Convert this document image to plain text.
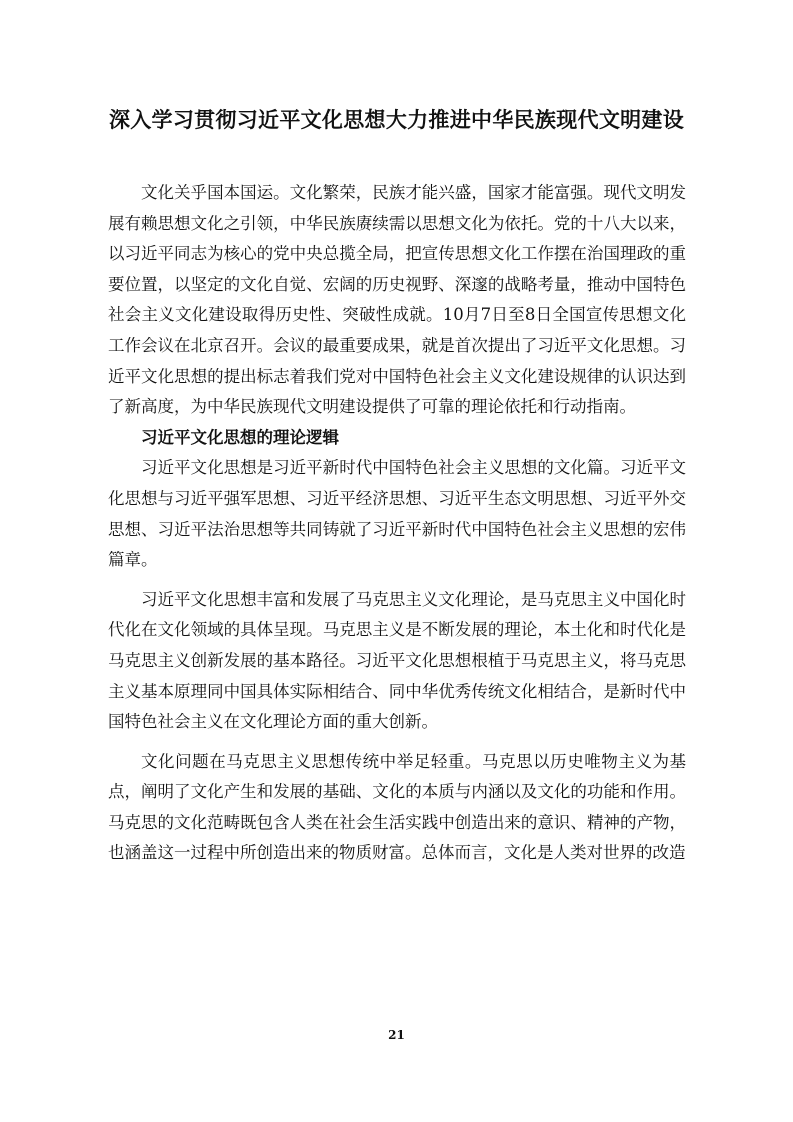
深入学习贯彻习近平文化思想大力推进中华民族现代文明建设

文化关乎国本国运。文化繁荣，民族才能兴盛，国家才能富强。现代文明发展有赖思想文化之引领，中华民族赓续需以思想文化为依托。党的十八大以来，以习近平同志为核心的党中央总揽全局，把宣传思想文化工作摆在治国理政的重要位置，以坚定的文化自觉、宏阔的历史视野、深邃的战略考量，推动中国特色社会主义文化建设取得历史性、突破性成就。10月7日至8日全国宣传思想文化工作会议在北京召开。会议的最重要成果，就是首次提出了习近平文化思想。习近平文化思想的提出标志着我们党对中国特色社会主义文化建设规律的认识达到了新高度，为中华民族现代文明建设提供了可靠的理论依托和行动指南。

习近平文化思想的理论逻辑

习近平文化思想是习近平新时代中国特色社会主义思想的文化篇。习近平文化思想与习近平强军思想、习近平经济思想、习近平生态文明思想、习近平外交思想、习近平法治思想等共同铸就了习近平新时代中国特色社会主义思想的宏伟篇章。

习近平文化思想丰富和发展了马克思主义文化理论，是马克思主义中国化时代化在文化领域的具体呈现。马克思主义是不断发展的理论，本土化和时代化是马克思主义创新发展的基本路径。习近平文化思想根植于马克思主义，将马克思主义基本原理同中国具体实际相结合、同中华优秀传统文化相结合，是新时代中国特色社会主义在文化理论方面的重大创新。

文化问题在马克思主义思想传统中举足轻重。马克思以历史唯物主义为基点，阐明了文化产生和发展的基础、文化的本质与内涵以及文化的功能和作用。马克思的文化范畴既包含人类在社会生活实践中创造出来的意识、精神的产物，也涵盖这一过程中所创造出来的物质财富。总体而言，文化是人类对世界的改造

21
